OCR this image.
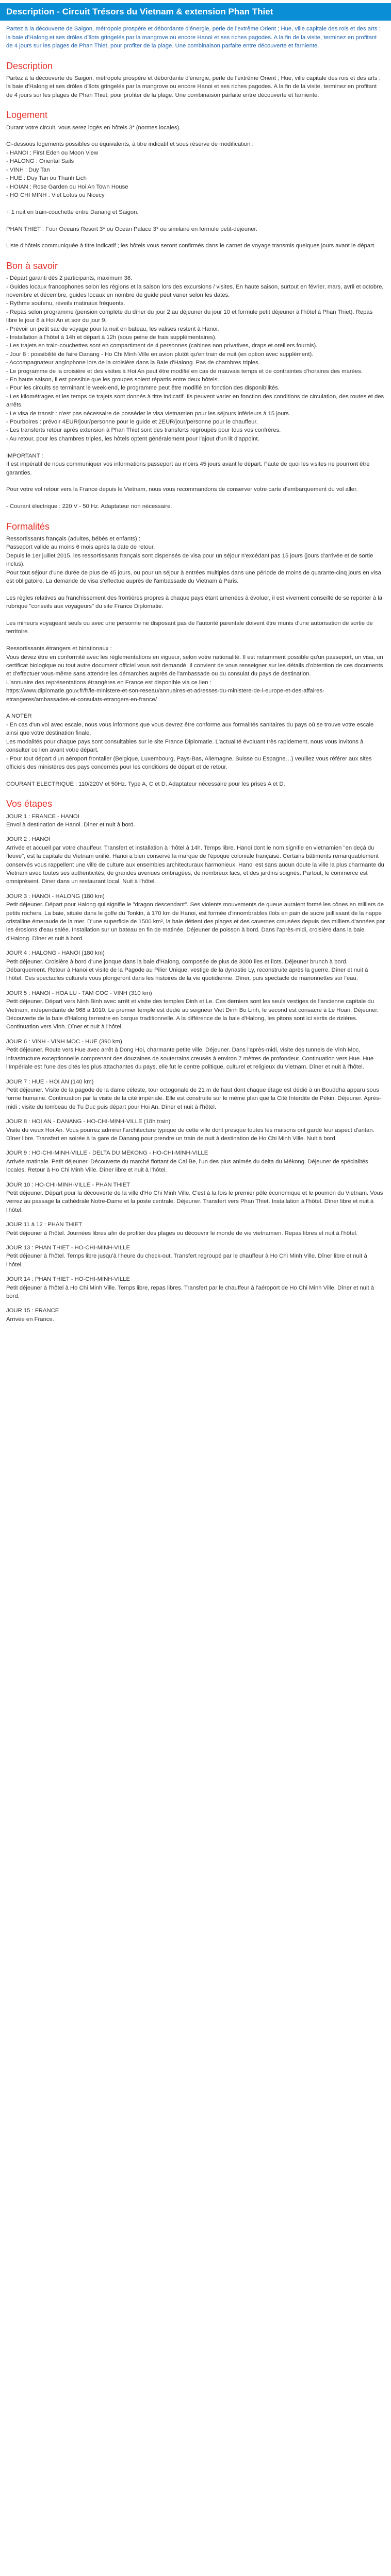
Description - Circuit Trésors du Vietnam & extension Phan Thiet

Partez à la découverte de Saigon, métropole prospère et débordante d'énergie, perle de l'extrême Orient ; Hue, ville capitale des rois et des arts ; la baie d'Halong et ses drôles d'îlots gringelés par la mangrove ou encore Hanoi et ses riches pagodes. A la fin de la visite, terminez en profitant de 4 jours sur les plages de Phan Thiet, pour profiter de la plage. Une combinaison parfaite entre découverte et farniente.

Description

Partez à la découverte de Saigon, métropole prospère et débordante d'énergie, perle de l'extrême Orient ; Hue, ville capitale des rois et des arts ; la baie d'Halong et ses drôles d'îlots gringelés par la mangrove ou encore Hanoi et ses riches pagodes. A la fin de la visite, terminez en profitant de 4 jours sur les plages de Phan Thiet, pour profiter de la plage. Une combinaison parfaite entre découverte et farniente.

Logement

Durant votre circuit, vous serez logés en hôtels 3* (normes locales).

Ci-dessous logements possibles ou équivalents, à titre indicatif et sous réserve de modification :
- HANOI : First Eden ou Moon View
- HALONG : Oriental Sails
- VINH : Duy Tan
- HUE : Duy Tan ou Thanh Lich
- HOIAN : Rose Garden ou Hoi An Town House
- HO CHI MINH : Viet Lotus ou Nicecy

+ 1 nuit en train-couchette entre Danang et Saigon.

PHAN THIET : Four Oceans Resort 3* ou Ocean Palace 3* ou similaire en formule petit-déjeuner.

Liste d'hôtels communiquée à titre indicatif ; les hôtels vous seront confirmés dans le carnet de voyage transmis quelques jours avant le départ.

Bon à savoir

- Départ garanti dès 2 participants, maximum 38.
- Guides locaux francophones selon les régions et la saison lors des excursions / visites. En haute saison, surtout en février, mars, avril et octobre, novembre et décembre, guides locaux en nombre de guide peut varier selon les dates.
- Rythme soutenu, réveils matinaux fréquents.
- Repas selon programme (pension complète du dîner du jour 2 au déjeuner du jour 10 et formule petit déjeuner à l'hôtel à Phan Thiet). Repas libre le jour 8 à Hoi An et soir du jour 9.
- Prévoir un petit sac de voyage pour la nuit en bateau, les valises restent à Hanoi.
- Installation à l'hôtel à 14h et départ à 12h (sous peine de frais supplémentaires).
- Les trajets en train-couchettes sont en compartiment de 4 personnes (cabines non privatives, draps et oreillers fournis).
- Jour 8 : possibilité de faire Danang - Ho Chi Minh Ville en avion plutôt qu'en train de nuit (en option avec supplément).
- Accompagnateur anglophone lors de la croisière dans la Baie d'Halong. Pas de chambres triples.
- Le programme de la croisière et des visites à Hoi An peut être modifié en cas de mauvais temps et de contraintes d'horaires des marées.
- En haute saison, il est possible que les groupes soient répartis entre deux hôtels.
- Pour les circuits se terminant le week-end, le programme peut être modifié en fonction des disponibilités.
- Les kilométrages et les temps de trajets sont donnés à titre indicatif. Ils peuvent varier en fonction des conditions de circulation, des routes et des arrêts.
- Le visa de transit : n'est pas nécessaire de posséder le visa vietnamien pour les séjours inférieurs à 15 jours.
- Pourboires : prévoir 4EUR/jour/personne pour le guide et 2EUR/jour/personne pour le chauffeur.
- Les transferts retour après extension à Phan Thiet sont des transferts regroupés pour tous vos confrères.
- Au retour, pour les chambres triples, les hôtels optent généralement pour l'ajout d'un lit d'appoint.

IMPORTANT :
Il est impératif de nous communiquer vos informations passeport au moins 45 jours avant le départ. Faute de quoi les visites ne pourront être garanties.

Pour votre vol retour vers la France depuis le Vietnam, nous vous recommandons de conserver votre carte d'embarquement du vol aller.

- Courant électrique : 220 V - 50 Hz. Adaptateur non nécessaire.

Formalités

Ressortissants français (adultes, bébés et enfants) :
Passeport valide au moins 6 mois après la date de retour.
Depuis le 1er juillet 2015, les ressortissants français sont dispensés de visa pour un séjour n'excédant pas 15 jours (jours d'arrivée et de sortie inclus).
Pour tout séjour d'une durée de plus de 45 jours, ou pour un séjour à entrées multiples dans une période de moins de quarante-cinq jours en visa est obligatoire. La demande de visa s'effectue auprès de l'ambassade du Vietnam à Paris.

Les règles relatives au franchissement des frontières propres à chaque pays étant amenées à évoluer, il est vivement conseillé de se reporter à la rubrique "conseils aux voyageurs" du site France Diplomatie.

Les mineurs voyageant seuls ou avec une personne ne disposant pas de l'autorité parentale doivent être munis d'une autorisation de sortie de territoire.

Ressortissants étrangers et binationaux :
Vous devez être en conformité avec les réglementations en vigueur, selon votre nationalité. Il est notamment possible qu'un passeport, un visa, un certificat biologique ou tout autre document officiel vous soit demandé. Il convient de vous renseigner sur les détails d'obtention de ces documents et d'effectuer vous-même sans attendre les démarches auprès de l'ambassade ou du consulat du pays de destination.
L'annuaire des représentations étrangères en France est disponible via ce lien :
https://www.diplomatie.gouv.fr/fr/le-ministere-et-son-reseau/annuaires-et-adresses-du-ministere-de-l-europe-et-des-affaires-etrangeres/ambassades-et-consulats-etrangers-en-france/

A NOTER
- En cas d'un vol avec escale, nous vous informons que vous devrez être conforme aux formalités sanitaires du pays où se trouve votre escale ainsi que votre destination finale.
Les modalités pour chaque pays sont consultables sur le site France Diplomatie. L'actualité évoluant très rapidement, nous vous invitons à consulter ce lien avant votre départ.
- Pour tout départ d'un aéroport frontalier (Belgique, Luxembourg, Pays-Bas, Allemagne, Suisse ou Espagne…) veuillez vous référer aux sites officiels des ministères des pays concernés pour les conditions de départ et de retour.

COURANT ELECTRIQUE : 110/220V et 50Hz. Type A, C et D. Adaptateur nécessaire pour les prises A et D.

Vos étapes
JOUR 1 : FRANCE - HANOI
Envol à destination de Hanoi. Dîner et nuit à bord.
JOUR 2 : HANOI
Arrivée et accueil par votre chauffeur. Transfert et installation à l'hôtel à 14h. Temps libre. Hanoi dont le nom signifie en vietnamien "en deçà du fleuve", est la capitale du Vietnam unifié. Hanoi a bien conservé la marque de l'époque coloniale française. Certains bâtiments remarquablement conservés vous rappellent une ville de culture aux ensembles architecturaux harmonieux. Hanoi est sans aucun doute la ville la plus charmante du Vietnam avec toutes ses authenticités, de grandes avenues ombragées, de nombreux lacs, et des jardins soignés. Partout, le commerce est omniprésent. Diner dans un restaurant local. Nuit à l'hôtel.
JOUR 3 : HANOI - HALONG (180 km)
Petit déjeuner. Départ pour Halong qui signifie le "dragon descendant". Ses violents mouvements de queue auraient formé les cônes en milliers de petits rochers. La baie, située dans le golfe du Tonkin, à 170 km de Hanoi, est formée d'innombrables îlots en pain de sucre jaillissant de la nappe cristalline émeraude de la mer. D'une superficie de 1500 km², la baie détient des plages et des cavernes creusées depuis des milliers d'années par les érosions d'eau salée. Installation sur un bateau en fin de matinée. Déjeuner de poisson à bord. Dans l'après-midi, croisière dans la baie d'Halong. Dîner et nuit à bord.
JOUR 4 : HALONG - HANOI (180 km)
Petit déjeuner. Croisière à bord d'une jonque dans la baie d'Halong, composée de plus de 3000 îles et îlots. Déjeuner brunch à bord. Débarquement. Retour à Hanoi et visite de la Pagode au Pilier Unique, vestige de la dynastie Ly, reconstruite après la guerre. Dîner et nuit à l'hôtel. Ces spectacles culturels vous plongeront dans les histoires de la vie quotidienne. Dîner, puis spectacle de marionnettes sur l'eau.
JOUR 5 : HANOI - HOA LU - TAM COC - VINH (310 km)
Petit déjeuner. Départ vers Ninh Binh avec arrêt et visite des temples Dinh et Le. Ces derniers sont les seuls vestiges de l'ancienne capitale du Vietnam, indépendante de 968 à 1010. Le premier temple est dédié au seigneur Viet Dinh Bo Linh, le second est consacré à Le Hoan. Déjeuner. Découverte de la baie d'Halong terrestre en barque traditionnelle. A la différence de la baie d'Halong, les pitons sont ici sertis de rizières. Continuation vers Vinh. Dîner et nuit à l'hôtel.
JOUR 6 : VINH - VINH MOC - HUE (390 km)
Petit déjeuner. Route vers Hue avec arrêt à Dong Hoi, charmante petite ville. Déjeuner. Dans l'après-midi, visite des tunnels de Vinh Moc, infrastructure exceptionnelle comprenant des douzaines de souterrains creusés à environ 7 mètres de profondeur. Continuation vers Hue. Hue l'Impériale est l'une des cités les plus attachantes du pays, elle fut le centre politique, culturel et religieux du Vietnam. Dîner et nuit à l'hôtel.
JOUR 7 : HUE - HOI AN (140 km)
Petit déjeuner. Visite de la pagode de la dame céleste, tour octogonale de 21 m de haut dont chaque étage est dédié à un Bouddha apparu sous forme humaine. Continuation par la visite de la cité impériale. Elle est construite sur le même plan que la Cité Interdite de Pékin. Déjeuner. Après-midi : visite du tombeau de Tu Duc puis départ pour Hoi An. Dîner et nuit à l'hôtel.
JOUR 8 : HOI AN - DANANG - HO-CHI-MINH-VILLE (18h train)
Visite du vieux Hoi An. Vous pourrez admirer l'architecture typique de cette ville dont presque toutes les maisons ont gardé leur aspect d'antan. Dîner libre. Transfert en soirée à la gare de Danang pour prendre un train de nuit à destination de Ho Chi Minh Ville. Nuit à bord.
JOUR 9 : HO-CHI-MINH-VILLE - DELTA DU MEKONG - HO-CHI-MINH-VILLE
Arrivée matinale. Petit déjeuner. Découverte du marché flottant de Cai Be, l'un des plus animés du delta du Mékong. Déjeuner de spécialités locales. Retour à Ho Chi Minh Ville. Dîner libre et nuit à l'hôtel.
JOUR 10 : HO-CHI-MINH-VILLE - PHAN THIET
Petit déjeuner. Départ pour la découverte de la ville d'Ho Chi Minh Ville. C'est à la fois le premier pôle économique et le poumon du Vietnam. Vous verrez au passage la cathédrale Notre-Dame et la poste centrale. Déjeuner. Transfert vers Phan Thiet. Installation à l'hôtel. Dîner libre et nuit à l'hôtel.
JOUR 11 à 12 : PHAN THIET
Petit déjeuner à l'hôtel. Journées libres afin de profiter des plages ou découvrir le monde de vie vietnamien. Repas libres et nuit à l'hôtel.
JOUR 13 : PHAN THIET - HO-CHI-MINH-VILLE
Petit déjeuner à l'hôtel. Temps libre jusqu'à l'heure du check-out. Transfert regroupé par le chauffeur à Ho Chi Minh Ville. Dîner libre et nuit à l'hôtel.
JOUR 14 : PHAN THIET - HO-CHI-MINH-VILLE
Petit déjeuner à l'hôtel à Ho Chi Minh Ville. Temps libre, repas libres. Transfert par le chauffeur à l'aéroport de Ho Chi Minh Ville. Dîner et nuit à bord.
JOUR 15 : FRANCE
Arrivée en France.
